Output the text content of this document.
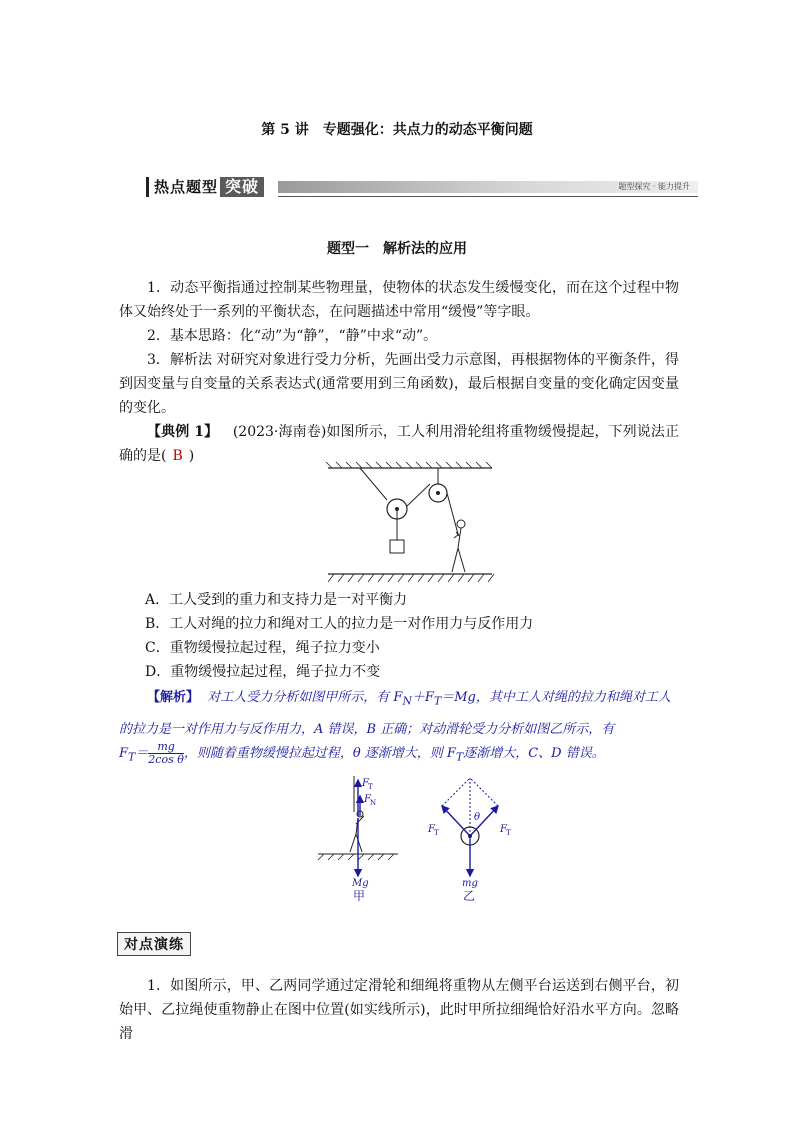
第 5 讲　专题强化：共点力的动态平衡问题
热点题型 突破	题型探究 · 能力提升
题型一　解析法的应用
1．动态平衡指通过控制某些物理量，使物体的状态发生缓慢变化，而在这个过程中物体又始终处于一系列的平衡状态，在问题描述中常用“缓慢”等字眼。
2．基本思路：化“动”为“静”，“静”中求“动”。
3．解析法 对研究对象进行受力分析，先画出受力示意图，再根据物体的平衡条件，得到因变量与自变量的关系表达式(通常要用到三角函数)，最后根据自变量的变化确定因变量的变化。
【典例 1】 (2023·海南卷)如图所示，工人利用滑轮组将重物缓慢提起，下列说法正确的是( B )
A．工人受到的重力和支持力是一对平衡力
B．工人对绳的拉力和绳对工人的拉力是一对作用力与反作用力
C．重物缓慢拉起过程，绳子拉力变小
D．重物缓慢拉起过程，绳子拉力不变
【解析】 对工人受力分析如图甲所示，有 $F_N+F_T=Mg$，其中工人对绳的拉力和绳对工人的拉力是一对作用力与反作用力，A 错误，B 正确；对动滑轮受力分析如图乙所示，有
$F_T= \frac{mg}{\text{2cos θ}}$ ，则随着重物缓慢拉起过程，θ 逐渐增大，则 $F_T$逐渐增大，C、D 错误。
F T
F N
Mg
甲
θ
F T	F T
mg
乙
对点演练
1．如图所示，甲、乙两同学通过定滑轮和细绳将重物从左侧平台运送到右侧平台，初始甲、乙拉绳使重物静止在图中位置(如实线所示)，此时甲所拉细绳恰好沿水平方向。忽略滑
